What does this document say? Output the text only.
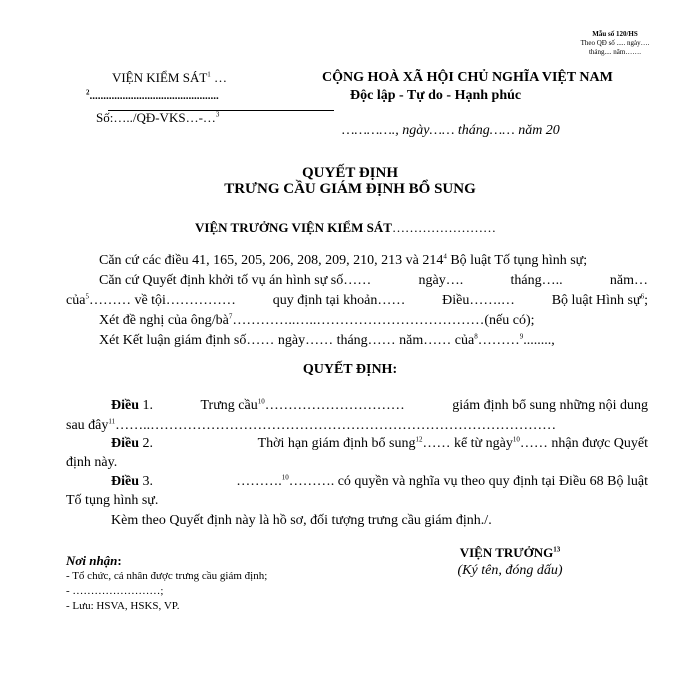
Mẫu số 120/HS
Theo QĐ số ..... ngày….
tháng.... năm…….
VIỆN KIỂM SÁT$^1$ …
$^2$...............................................
Số:…../QĐ-VKS…-…$^3$
CỘNG HOÀ XÃ HỘI CHỦ NGHĨA VIỆT NAM
Độc lập - Tự do - Hạnh phúc
…………., ngày…… tháng…… năm 20
QUYẾT ĐỊNH
TRƯNG CẦU GIÁM ĐỊNH BỔ SUNG
VIỆN TRƯỞNG VIỆN KIỂM SÁT……………………
Căn cứ các điều 41, 165, 205, 206, 208, 209, 210, 213 và $214^4$ Bộ luật Tố tụng hình sự;
Căn cứ Quyết định khởi tố vụ án hình sự số……	ngày….	tháng…..	năm…
của$^5$……… về tội……………	quy định tại khoản……	Điều…….…	Bộ luật Hình sự$^6$;
Xét đề nghị của ông/$bà^7\dots\dots\dots\dots..\dots..\dots\dots\dots\dots\dots\dots\dots\dots\dots\dots\dots\dots(nếu$ có);
Xét Kết luận giám định số…… ngày…… tháng…… năm…… của$^8$………$^9$........,
QUYẾT ĐỊNH:
Điều 1.	Trưng cầu$^{10}$…………………………	giám định bổ sung những nội dung
sau đây$^{11}$……..……………………………………………………………………………
Điều 2.	Thời hạn giám định bổ sung$^{12}$…… kể từ ngày$^{10}$…… nhận được Quyết
định này.
Điều 3.	……….$^{10}$………. có quyền và nghĩa vụ theo quy định tại Điều 68 Bộ luật
Tố tụng hình sự.
Kèm theo Quyết định này là hồ sơ, đối tượng trưng cầu giám định./.
Nơi nhận:
- Tổ chức, cá nhân được trưng cầu giám định;
- ……………………;
- Lưu: HSVA, HSKS, VP.
VIỆN TRƯỞNG$^{13}$
(Ký tên, đóng dấu)
